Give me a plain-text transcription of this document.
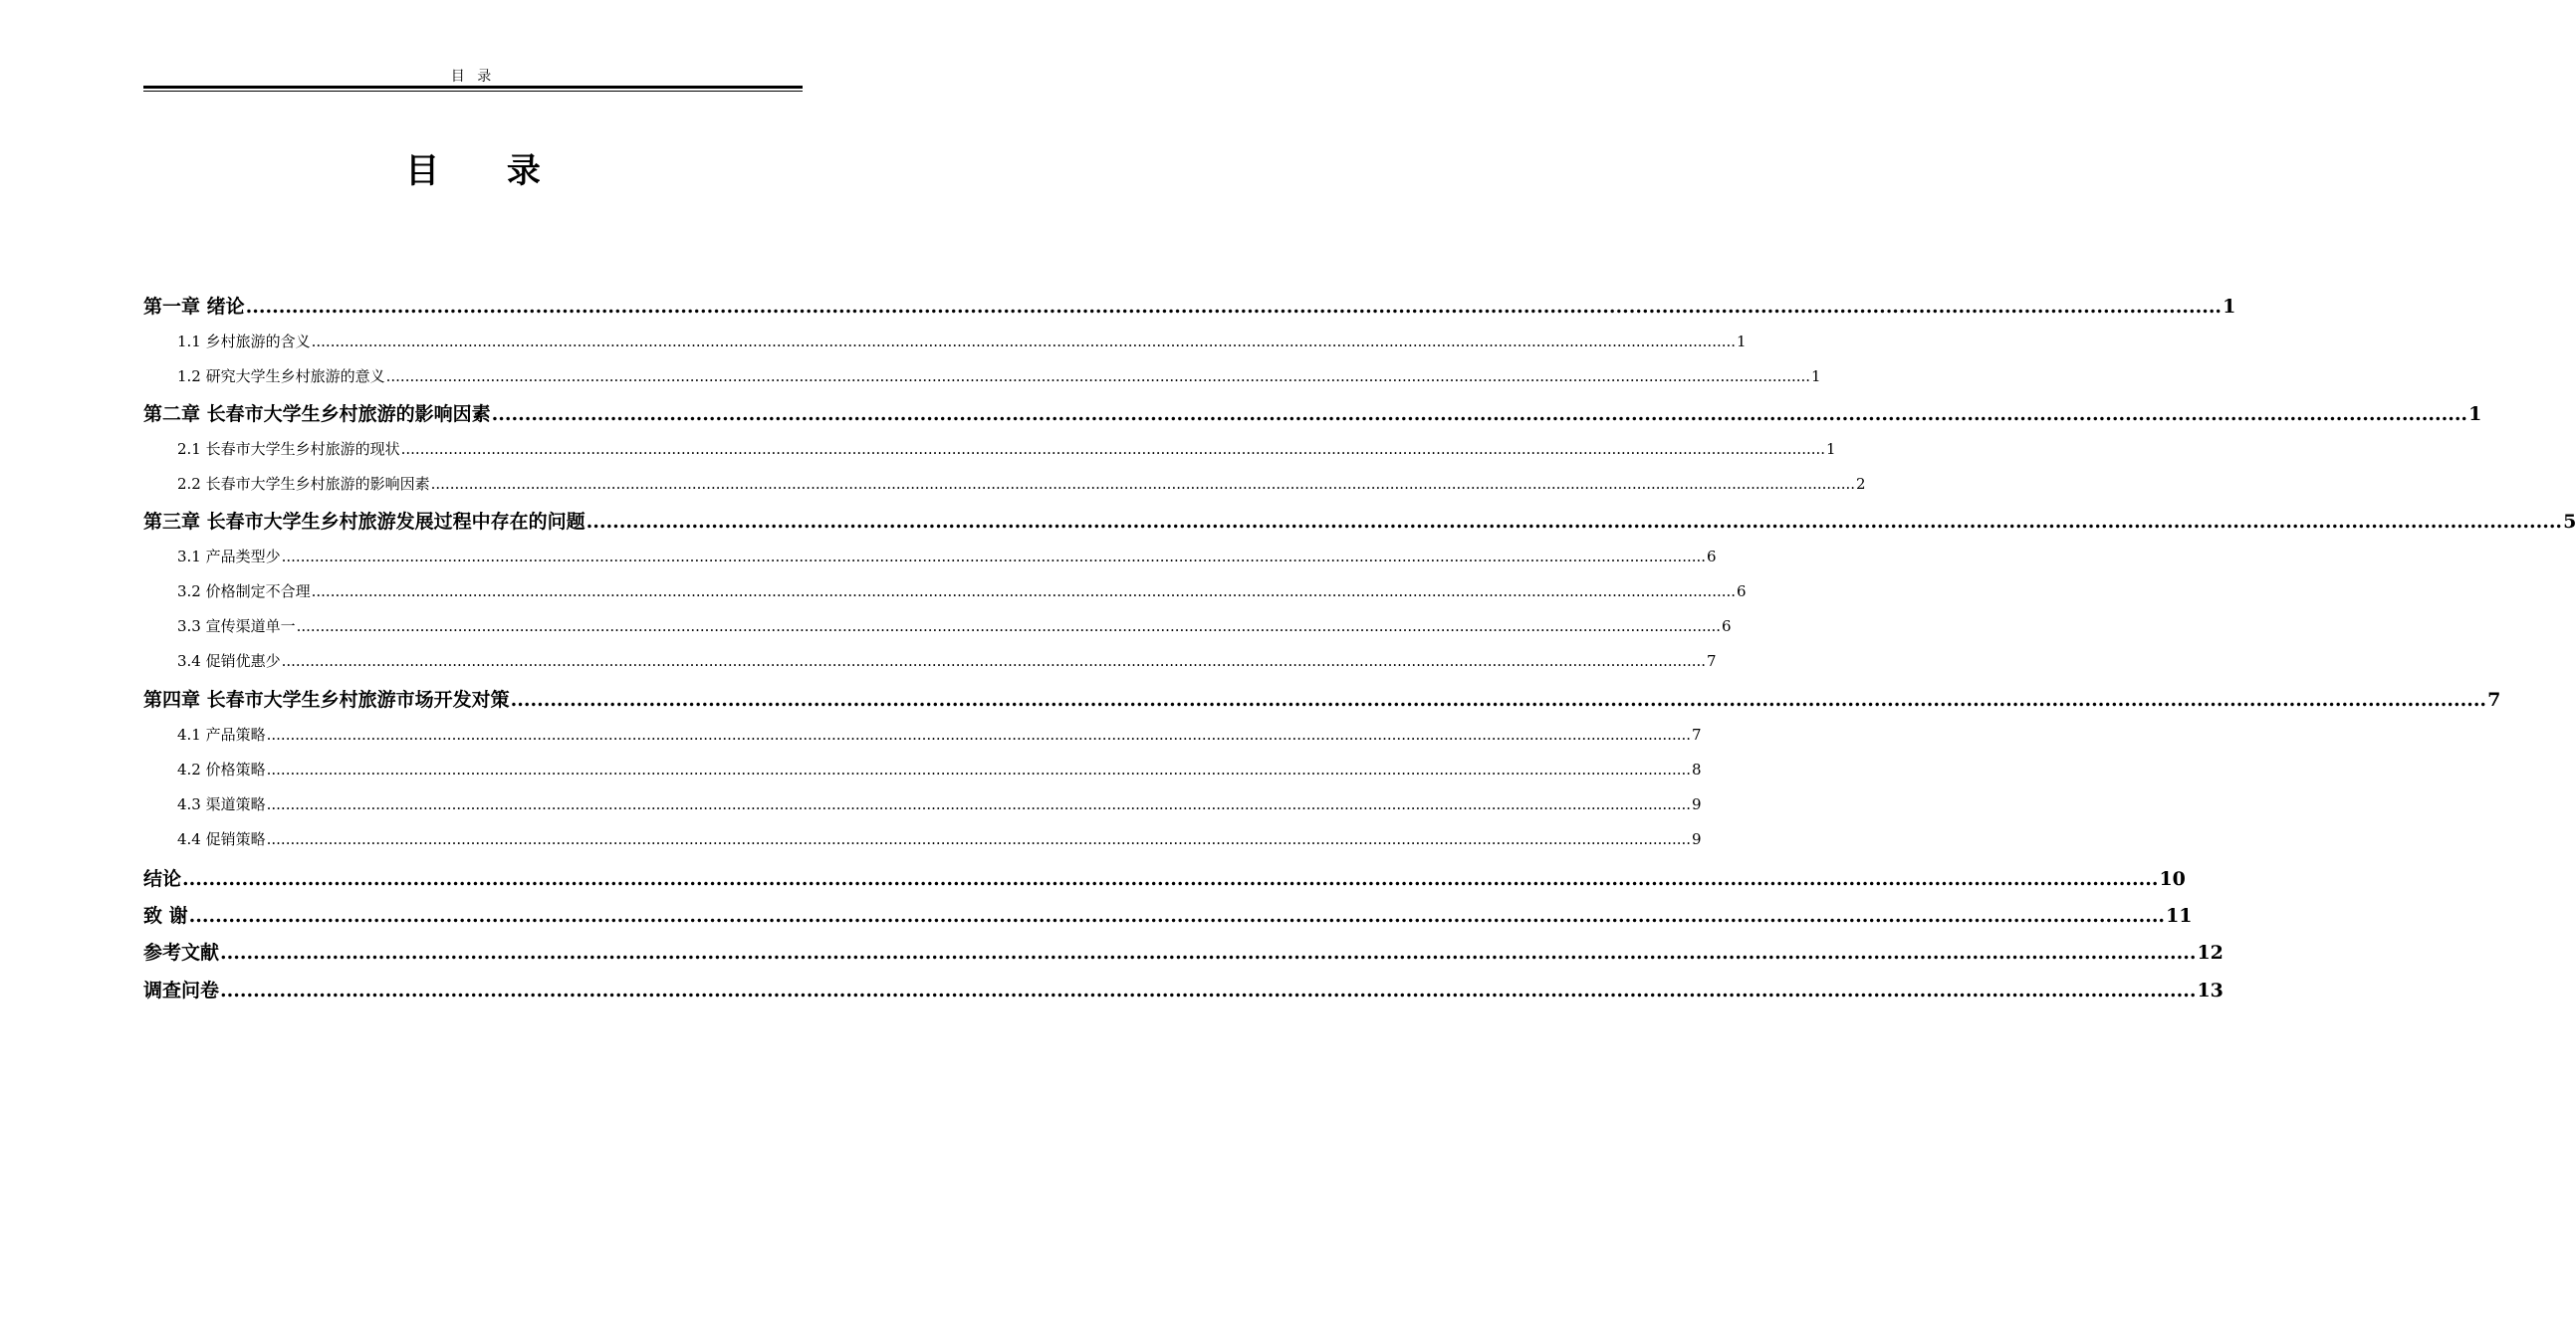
目 录
目 录
第一章 绪论 ............................................................................................................................................................................................................................................................................................................ 1
1.1 乡村旅游的含义 ............................................................................................................................................................................................................................................................................................................ 1
1.2 研究大学生乡村旅游的意义 ............................................................................................................................................................................................................................................................................................................ 1
第二章 长春市大学生乡村旅游的影响因素 ............................................................................................................................................................................................................................................................................................................ 1
2.1 长春市大学生乡村旅游的现状 ............................................................................................................................................................................................................................................................................................................ 1
2.2 长春市大学生乡村旅游的影响因素 ............................................................................................................................................................................................................................................................................................................ 2
第三章 长春市大学生乡村旅游发展过程中存在的问题 ............................................................................................................................................................................................................................................................................................................ 5
3.1 产品类型少 ............................................................................................................................................................................................................................................................................................................ 6
3.2 价格制定不合理 ............................................................................................................................................................................................................................................................................................................ 6
3.3 宣传渠道单一 ............................................................................................................................................................................................................................................................................................................ 6
3.4 促销优惠少 ............................................................................................................................................................................................................................................................................................................ 7
第四章 长春市大学生乡村旅游市场开发对策 ............................................................................................................................................................................................................................................................................................................ 7
4.1 产品策略 ............................................................................................................................................................................................................................................................................................................ 7
4.2 价格策略 ............................................................................................................................................................................................................................................................................................................ 8
4.3 渠道策略 ............................................................................................................................................................................................................................................................................................................ 9
4.4 促销策略 ............................................................................................................................................................................................................................................................................................................ 9
结论 ............................................................................................................................................................................................................................................................................................................ 10
致 谢 ............................................................................................................................................................................................................................................................................................................ 11
参考文献 ............................................................................................................................................................................................................................................................................................................ 12
调查问卷 ............................................................................................................................................................................................................................................................................................................ 13
